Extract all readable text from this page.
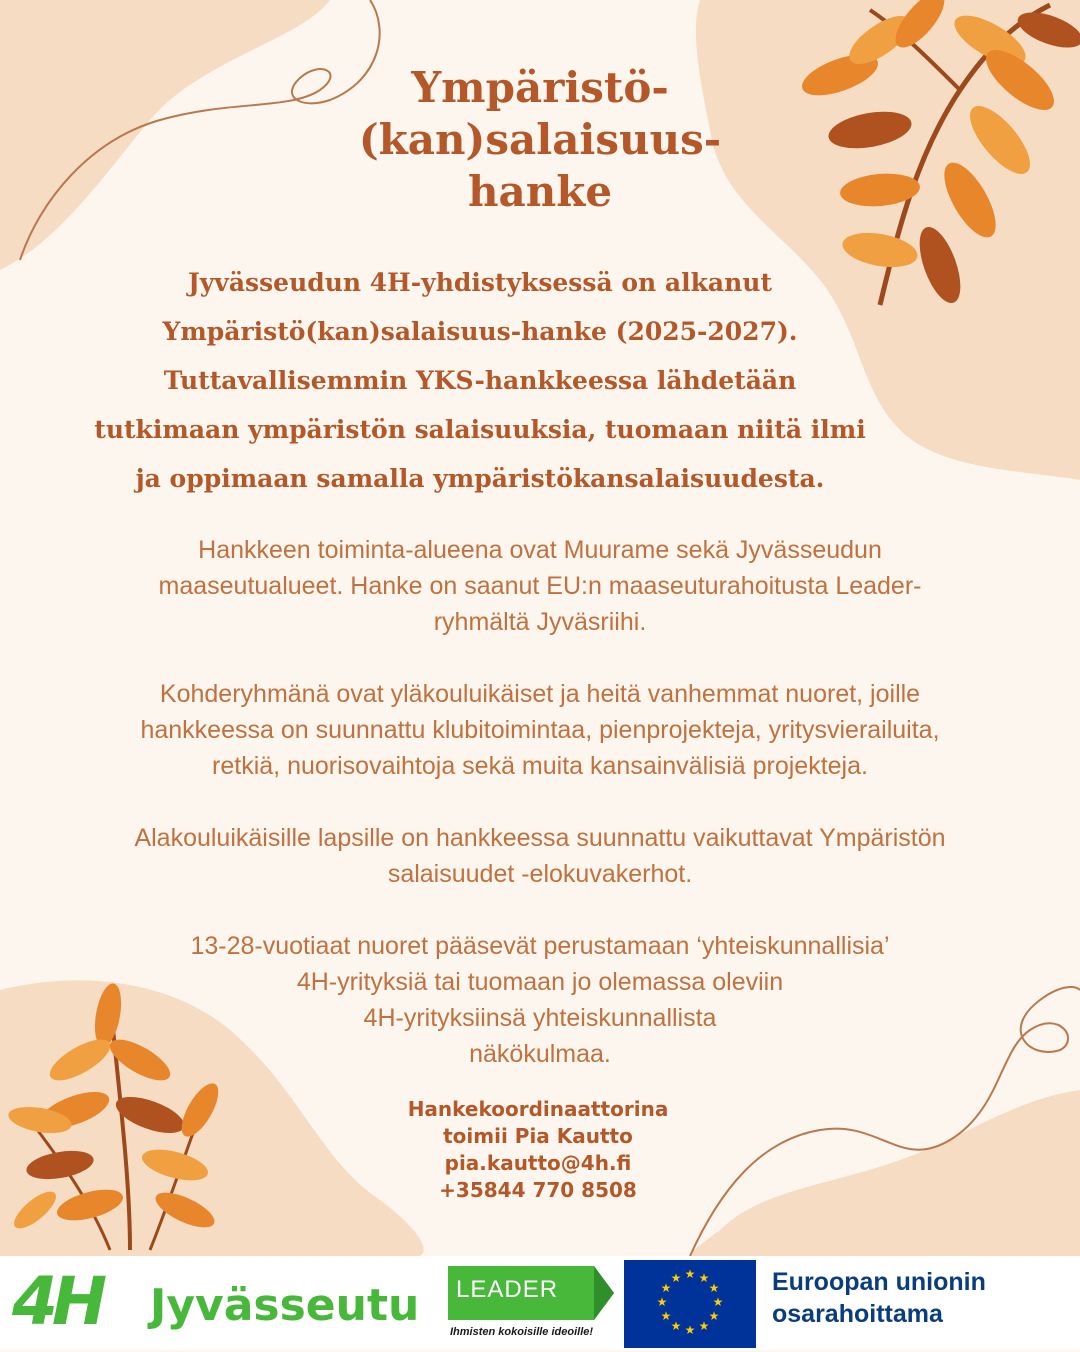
Ympäristö-
(kan)salaisuus-
hanke
Jyvässeudun 4H-yhdistyksessä on alkanut
Ympäristö(kan)salaisuus-hanke (2025-2027).
Tuttavallisemmin YKS-hankkeessa lähdetään
tutkimaan ympäristön salaisuuksia, tuomaan niitä ilmi
ja oppimaan samalla ympäristökansalaisuudesta.

Hankkeen toiminta-alueena ovat Muurame sekä Jyvässeudun
maaseutualueet. Hanke on saanut EU:n maaseuturahoitusta Leader-
ryhmältä Jyväsriihi.

Kohderyhmänä ovat yläkouluikäiset ja heitä vanhemmat nuoret, joille
hankkeessa on suunnattu klubitoimintaa, pienprojekteja, yritysvierailuita,
retkiä, nuorisovaihtoja sekä muita kansainvälisiä projekteja.

Alakouluikäisille lapsille on hankkeessa suunnattu vaikuttavat Ympäristön
salaisuudet -elokuvakerhot.

13-28-vuotiaat nuoret pääsevät perustamaan ‘yhteiskunnallisia’
4H-yrityksiä tai tuomaan jo olemassa oleviin
4H-yrityksiinsä yhteiskunnallista
näkökulmaa.

Hankekoordinaattorina
toimii Pia Kautto
pia.kautto@4h.fi
+35844 770 8508
4H Jyvässeutu LEADER
Ihmisten kokoisille ideoille!
★ ★
★
★
★
★
★
★
★
★
★
★	Euroopan unionin
osarahoittama
